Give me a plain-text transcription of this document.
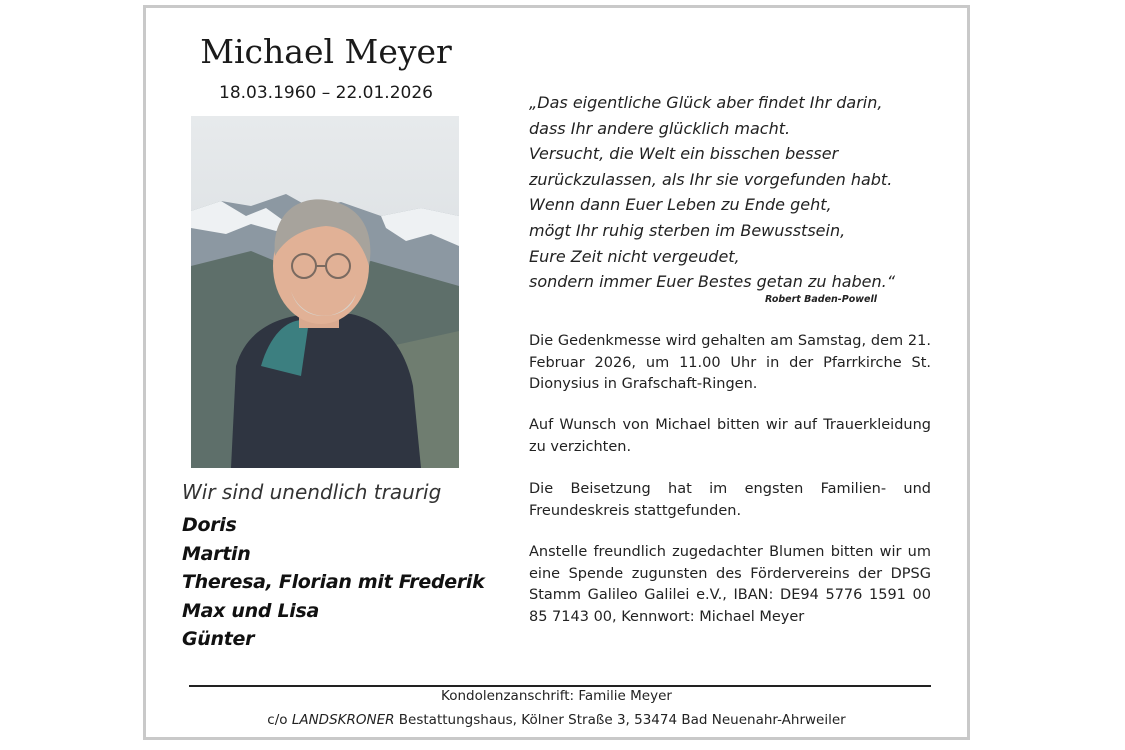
Michael Meyer
18.03.1960 – 22.01.2026
Wir sind unendlich traurig
Doris
Martin
Theresa, Florian mit Frederik
Max und Lisa
Günter
„Das eigentliche Glück aber findet Ihr darin,
dass Ihr andere glücklich macht.
Versucht, die Welt ein bisschen besser
zurückzulassen, als Ihr sie vorgefunden habt.
Wenn dann Euer Leben zu Ende geht,
mögt Ihr ruhig sterben im Bewusstsein,
Eure Zeit nicht vergeudet,
sondern immer Euer Bestes getan zu haben.“
Robert Baden-Powell
Die Gedenkmesse wird gehalten am Samstag, dem 21. Februar 2026, um 11.00 Uhr in der Pfarrkirche St. Dionysius in Grafschaft-Ringen.
Auf Wunsch von Michael bitten wir auf Trauerkleidung zu verzichten.
Die Beisetzung hat im engsten Familien- und Freundeskreis stattgefunden.
Anstelle freundlich zugedachter Blumen bitten wir um eine Spende zugunsten des Fördervereins der DPSG Stamm Galileo Galilei e.V., IBAN: DE94 5776 1591 00 85 7143 00, Kennwort: Michael Meyer
Kondolenzanschrift: Familie Meyer
c/o LANDSKRONER Bestattungshaus, Kölner Straße 3, 53474 Bad Neuenahr-Ahrweiler
